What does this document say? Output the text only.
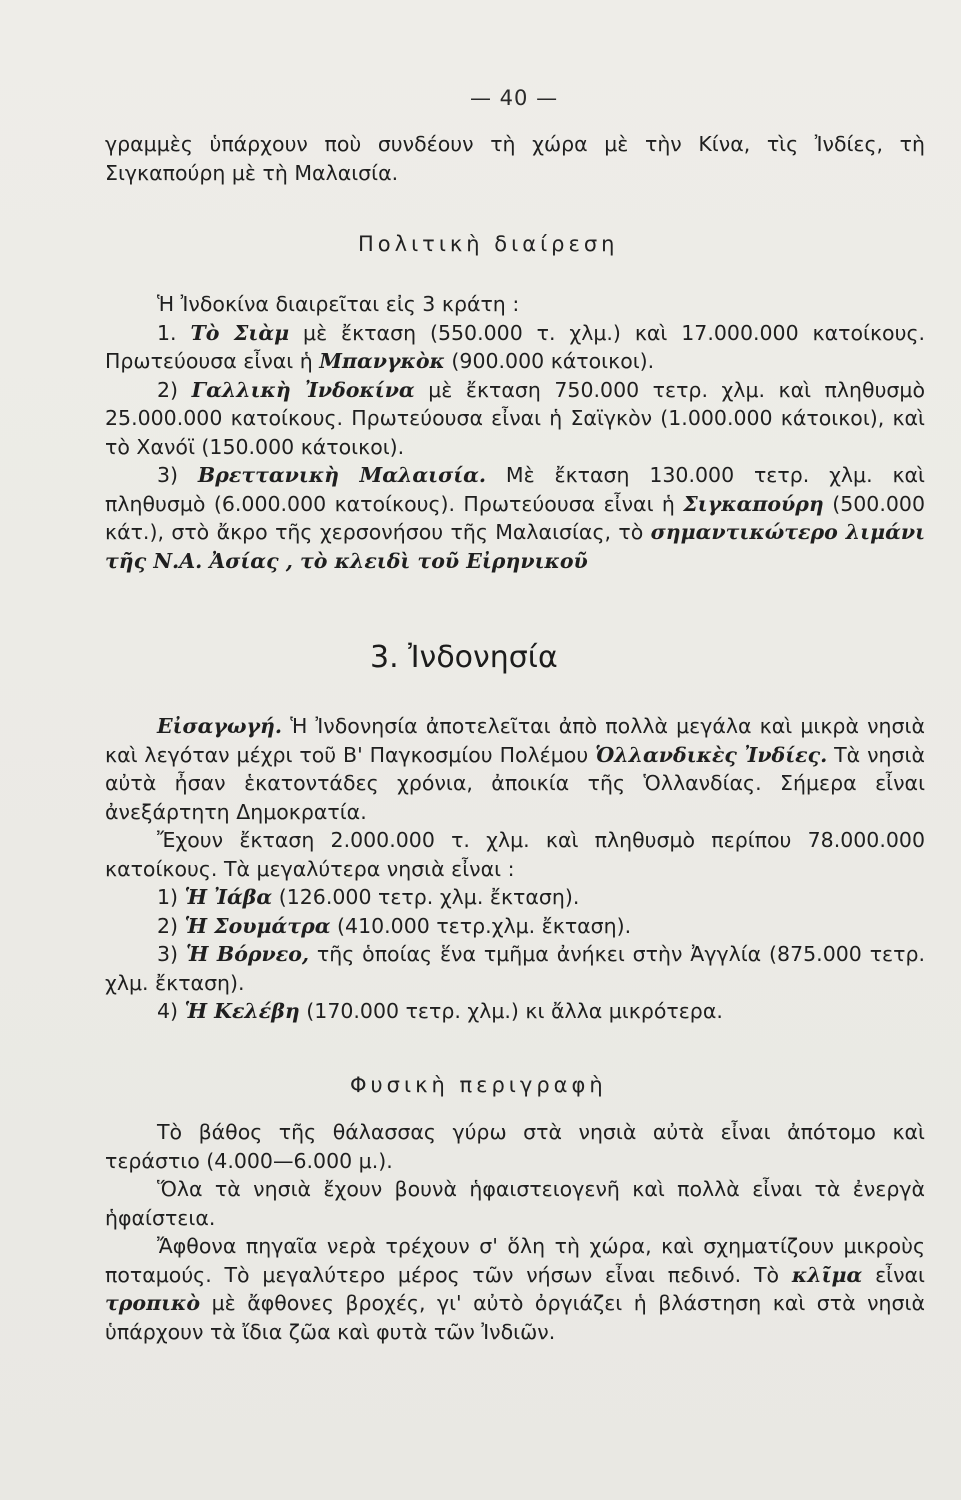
— 40 —

γραμμὲς ὑπάρχουν ποὺ συνδέουν τὴ χώρα μὲ τὴν Κίνα, τὶς Ἰνδίες, τὴ Σιγκαπούρη μὲ τὴ Μαλαισία.

Πολιτικὴ διαίρεση

Ἡ Ἰνδοκίνα διαιρεῖται εἰς 3 κράτη :

1. Τὸ Σιὰμ μὲ ἔκταση (550.000 τ. χλμ.) καὶ 17.000.000 κατοίκους. Πρωτεύουσα εἶναι ἡ Μπανγκὸκ (900.000 κάτοικοι).

2) Γαλλικὴ Ἰνδοκίνα μὲ ἔκταση 750.000 τετρ. χλμ. καὶ πληθυσμὸ 25.000.000 κατοίκους. Πρωτεύουσα εἶναι ἡ Σαϊγκὸν (1.000.000 κάτοικοι), καὶ τὸ Χανόϊ (150.000 κάτοικοι).

3) Βρεττανικὴ Μαλαισία. Μὲ ἔκταση 130.000 τετρ. χλμ. καὶ πληθυσμὸ (6.000.000 κατοίκους). Πρωτεύουσα εἶναι ἡ Σιγκαπούρη (500.000 κάτ.), στὸ ἄκρο τῆς χερσονήσου τῆς Μαλαισίας, τὸ σημαντικώτερο λιμάνι τῆς Ν.Α. Ἀσίας , τὸ κλειδὶ τοῦ Εἰρηνικοῦ

3. Ἰνδονησία

Εἰσαγωγή. Ἡ Ἰνδονησία ἀποτελεῖται ἀπὸ πολλὰ μεγάλα καὶ μικρὰ νησιὰ καὶ λεγόταν μέχρι τοῦ Β' Παγκοσμίου Πολέμου Ὁλλανδικὲς Ἰνδίες. Τὰ νησιὰ αὐτὰ ἦσαν ἑκατοντάδες χρόνια, ἀποικία τῆς Ὁλλανδίας. Σήμερα εἶναι ἀνεξάρτητη Δημοκρατία.

Ἔχουν ἔκταση 2.000.000 τ. χλμ. καὶ πληθυσμὸ περίπου 78.000.000 κατοίκους. Τὰ μεγαλύτερα νησιὰ εἶναι :

1) Ἡ Ἰάβα (126.000 τετρ. χλμ. ἔκταση).

2) Ἡ Σουμάτρα (410.000 τετρ.χλμ. ἔκταση).

3) Ἡ Βόρνεο, τῆς ὁποίας ἕνα τμῆμα ἀνήκει στὴν Ἀγγλία (875.000 τετρ. χλμ. ἔκταση).

4) Ἡ Κελέβη (170.000 τετρ. χλμ.) κι ἄλλα μικρότερα.

Φυσικὴ περιγραφὴ

Τὸ βάθος τῆς θάλασσας γύρω στὰ νησιὰ αὐτὰ εἶναι ἀπότομο καὶ τεράστιο (4.000—6.000 μ.).

Ὅλα τὰ νησιὰ ἔχουν βουνὰ ἡφαιστειογενῆ καὶ πολλὰ εἶναι τὰ ἐνεργὰ ἡφαίστεια.

Ἄφθονα πηγαῖα νερὰ τρέχουν σ' ὅλη τὴ χώρα, καὶ σχηματίζουν μικροὺς ποταμούς. Τὸ μεγαλύτερο μέρος τῶν νήσων εἶναι πεδινό. Τὸ κλῖμα εἶναι τροπικὸ μὲ ἄφθονες βροχές, γι' αὐτὸ ὀργιάζει ἡ βλάστηση καὶ στὰ νησιὰ ὑπάρχουν τὰ ἴδια ζῶα καὶ φυτὰ τῶν Ἰνδιῶν.
